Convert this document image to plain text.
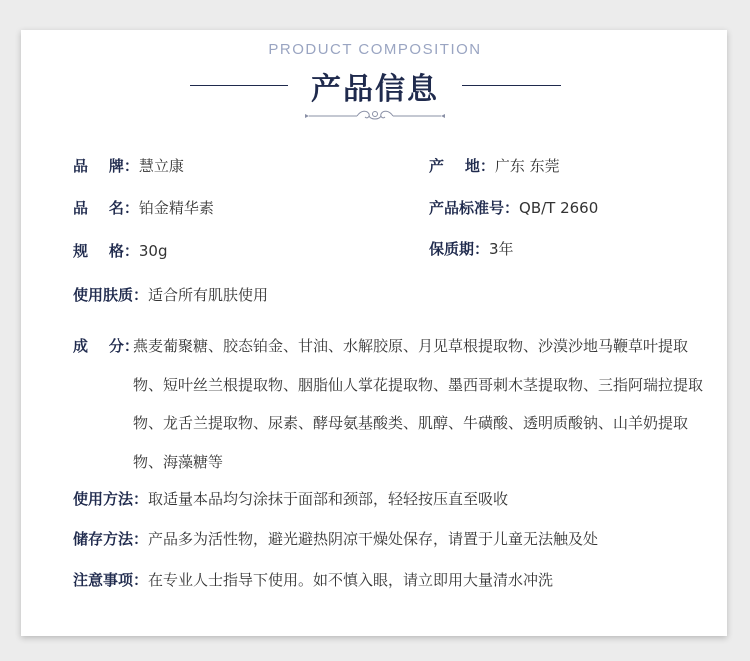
PRODUCT COMPOSITION
产品信息
品    牌：慧立康	产    地：广东 东莞
品    名：铂金精华素	产品标准号：QB/T 2660
规    格：30g	保质期：3年
使用肤质：适合所有肌肤使用
成    分：
燕麦葡聚糖、胶态铂金、甘油、水解胶原、月见草根提取物、沙漠沙地马鞭草叶提取物、短叶丝兰根提取物、胭脂仙人掌花提取物、墨西哥刺木茎提取物、三指阿瑞拉提取物、龙舌兰提取物、尿素、酵母氨基酸类、肌醇、牛磺酸、透明质酸钠、山羊奶提取物、海藻糖等
使用方法：取适量本品均匀涂抹于面部和颈部，轻轻按压直至吸收
储存方法：产品多为活性物，避光避热阴凉干燥处保存，请置于儿童无法触及处
注意事项：在专业人士指导下使用。如不慎入眼，请立即用大量清水冲洗
